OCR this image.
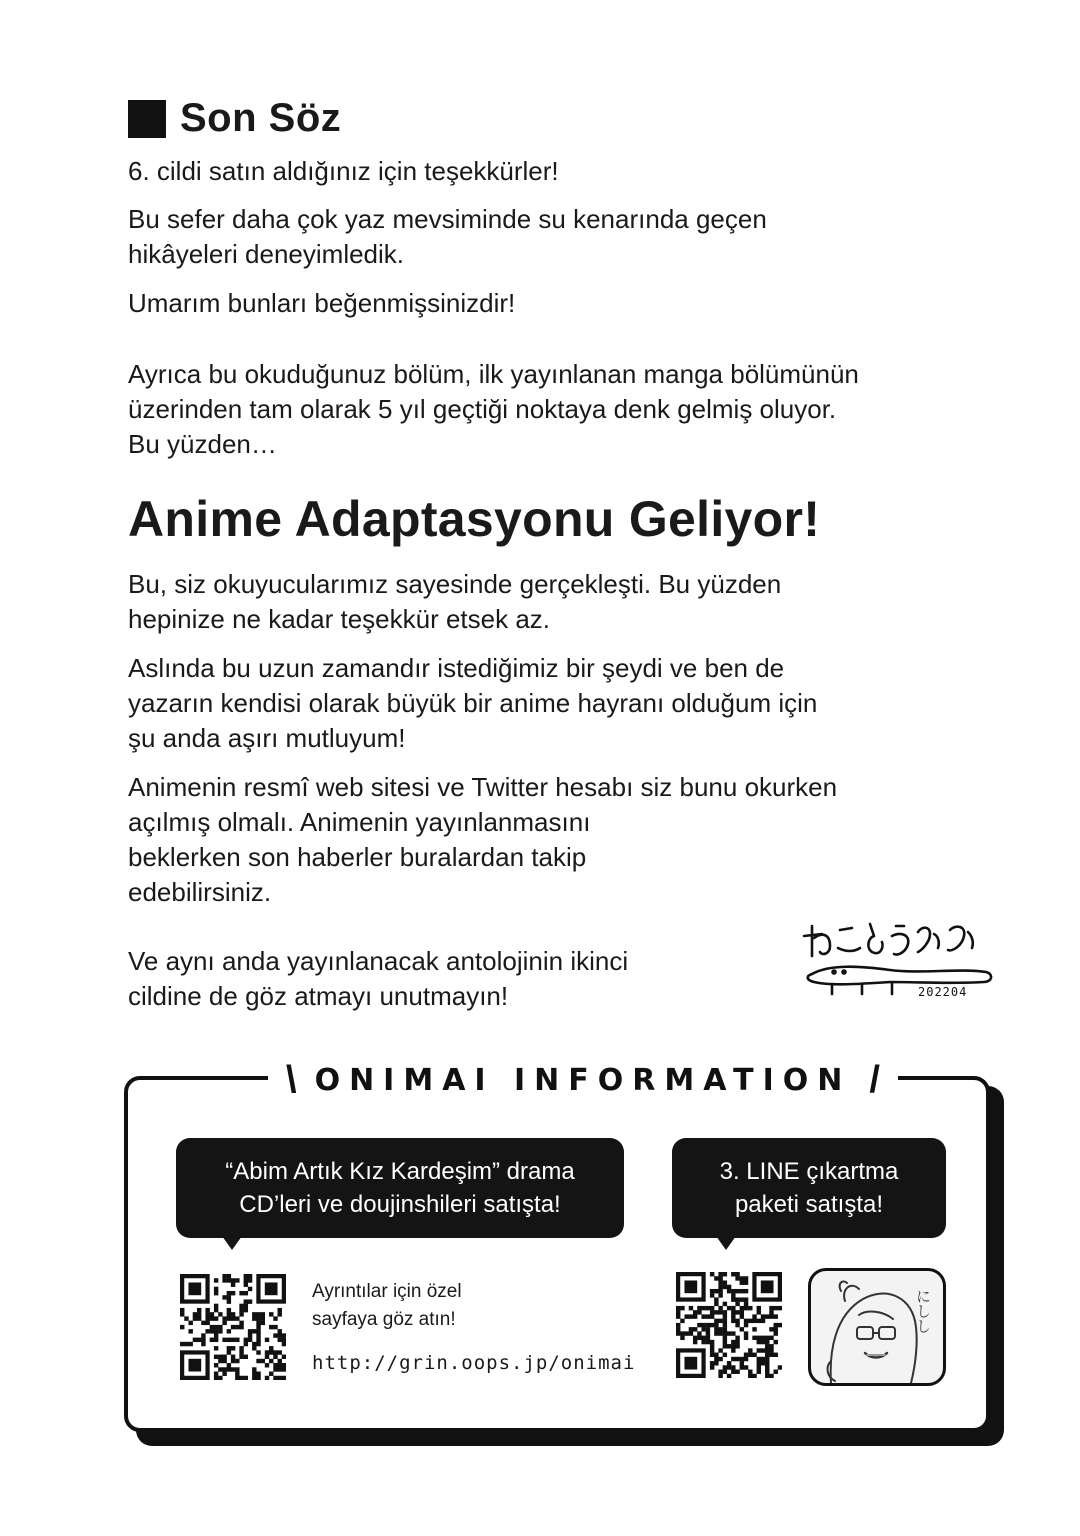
Son Söz
6. cildi satın aldığınız için teşekkürler!
Bu sefer daha çok yaz mevsiminde su kenarında geçen
hikâyeleri deneyimledik.
Umarım bunları beğenmişsinizdir!
Ayrıca bu okuduğunuz bölüm, ilk yayınlanan manga bölümünün
üzerinden tam olarak 5 yıl geçtiği noktaya denk gelmiş oluyor.
Bu yüzden…
Anime Adaptasyonu Geliyor!
Bu, siz okuyucularımız sayesinde gerçekleşti. Bu yüzden
hepinize ne kadar teşekkür etsek az.
Aslında bu uzun zamandır istediğimiz bir şeydi ve ben de
yazarın kendisi olarak büyük bir anime hayranı olduğum için
şu anda aşırı mutluyum!
Animenin resmî web sitesi ve Twitter hesabı siz bunu okurken
açılmış olmalı. Animenin yayınlanmasını
beklerken son haberler buralardan takip
edebilirsiniz.
Ve aynı anda yayınlanacak antolojinin ikinci
cildine de göz atmayı unutmayın!	202204
\ ONIMAI INFORMATION /
“Abim Artık Kız Kardeşim” drama
CD’leri ve doujinshileri satışta!
3. LINE çıkartma
paketi satışta!
Ayrıntılar için özel
sayfaya göz atın!
http://grin.oops.jp/onimai
にしし
